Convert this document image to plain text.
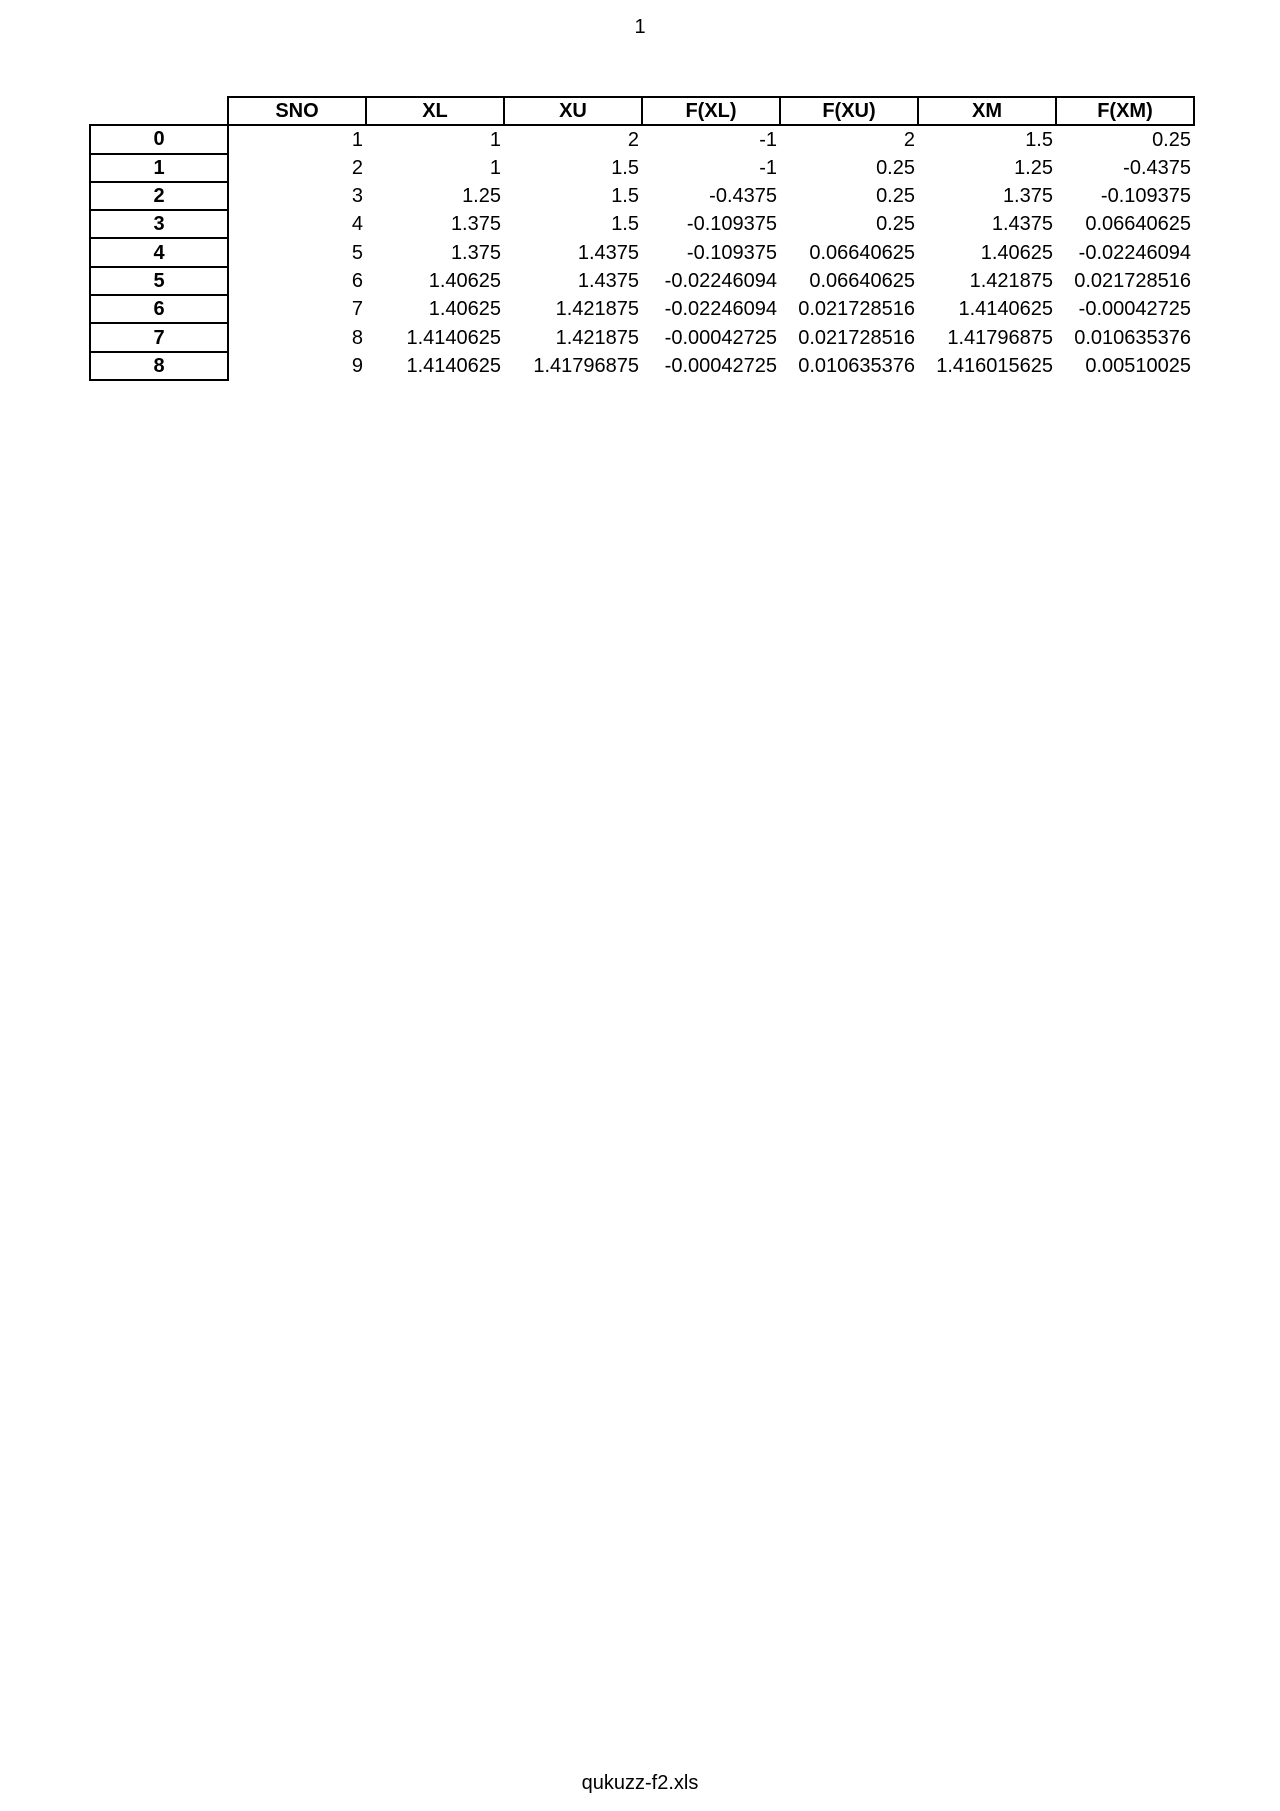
1
	SNO	XL	XU	F(XL)	F(XU)	XM	F(XM)
0	1	1	2	-1	2	1.5	0.25
1	2	1	1.5	-1	0.25	1.25	-0.4375
2	3	1.25	1.5	-0.4375	0.25	1.375	-0.109375
3	4	1.375	1.5	-0.109375	0.25	1.4375	0.06640625
4	5	1.375	1.4375	-0.109375	0.06640625	1.40625	-0.02246094
5	6	1.40625	1.4375	-0.02246094	0.06640625	1.421875	0.021728516
6	7	1.40625	1.421875	-0.02246094	0.021728516	1.4140625	-0.00042725
7	8	1.4140625	1.421875	-0.00042725	0.021728516	1.41796875	0.010635376
8	9	1.4140625	1.41796875	-0.00042725	0.010635376	1.416015625	0.00510025
qukuzz-f2.xls
